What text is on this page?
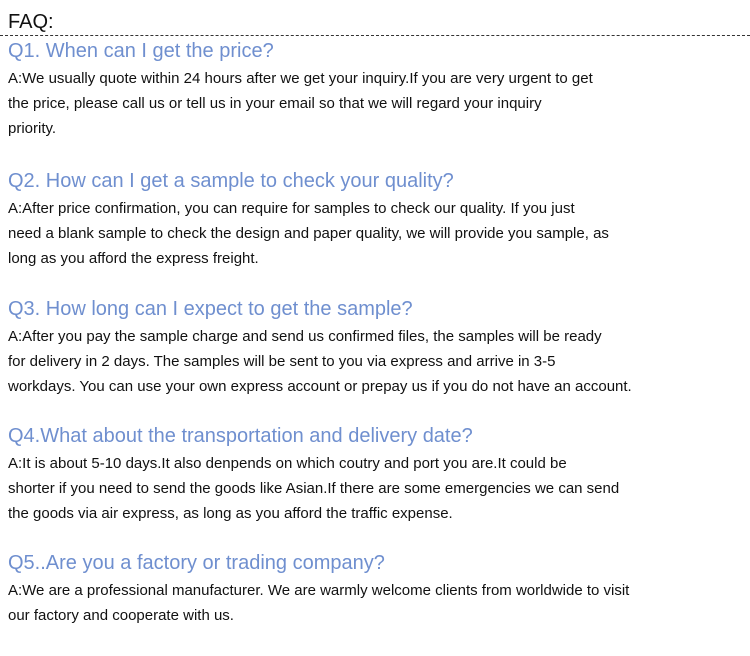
FAQ:
Q1. When can I get the price?
A:We usually quote within 24 hours after we get your inquiry.If you are very urgent to get
the price, please call us or tell us in your email so that we will regard your inquiry
priority.
Q2. How can I get a sample to check your quality?
A:After price confirmation, you can require for samples to check our quality. If you just
need a blank sample to check the design and paper quality, we will provide you sample, as
long as you afford the express freight.
Q3. How long can I expect to get the sample?
A:After you pay the sample charge and send us confirmed files, the samples will be ready
for delivery in 2 days. The samples will be sent to you via express and arrive in 3-5
workdays. You can use your own express account or prepay us if you do not have an account.
Q4.What about the transportation and delivery date?
A:It is about 5-10 days.It also denpends on which coutry and port you are.It could be
shorter if you need to send the goods like Asian.If there are some emergencies we can send
the goods via air express, as long as you afford the traffic expense.
Q5..Are you a factory or trading company?
A:We are a professional manufacturer. We are warmly welcome clients from worldwide to visit
our factory and cooperate with us.
